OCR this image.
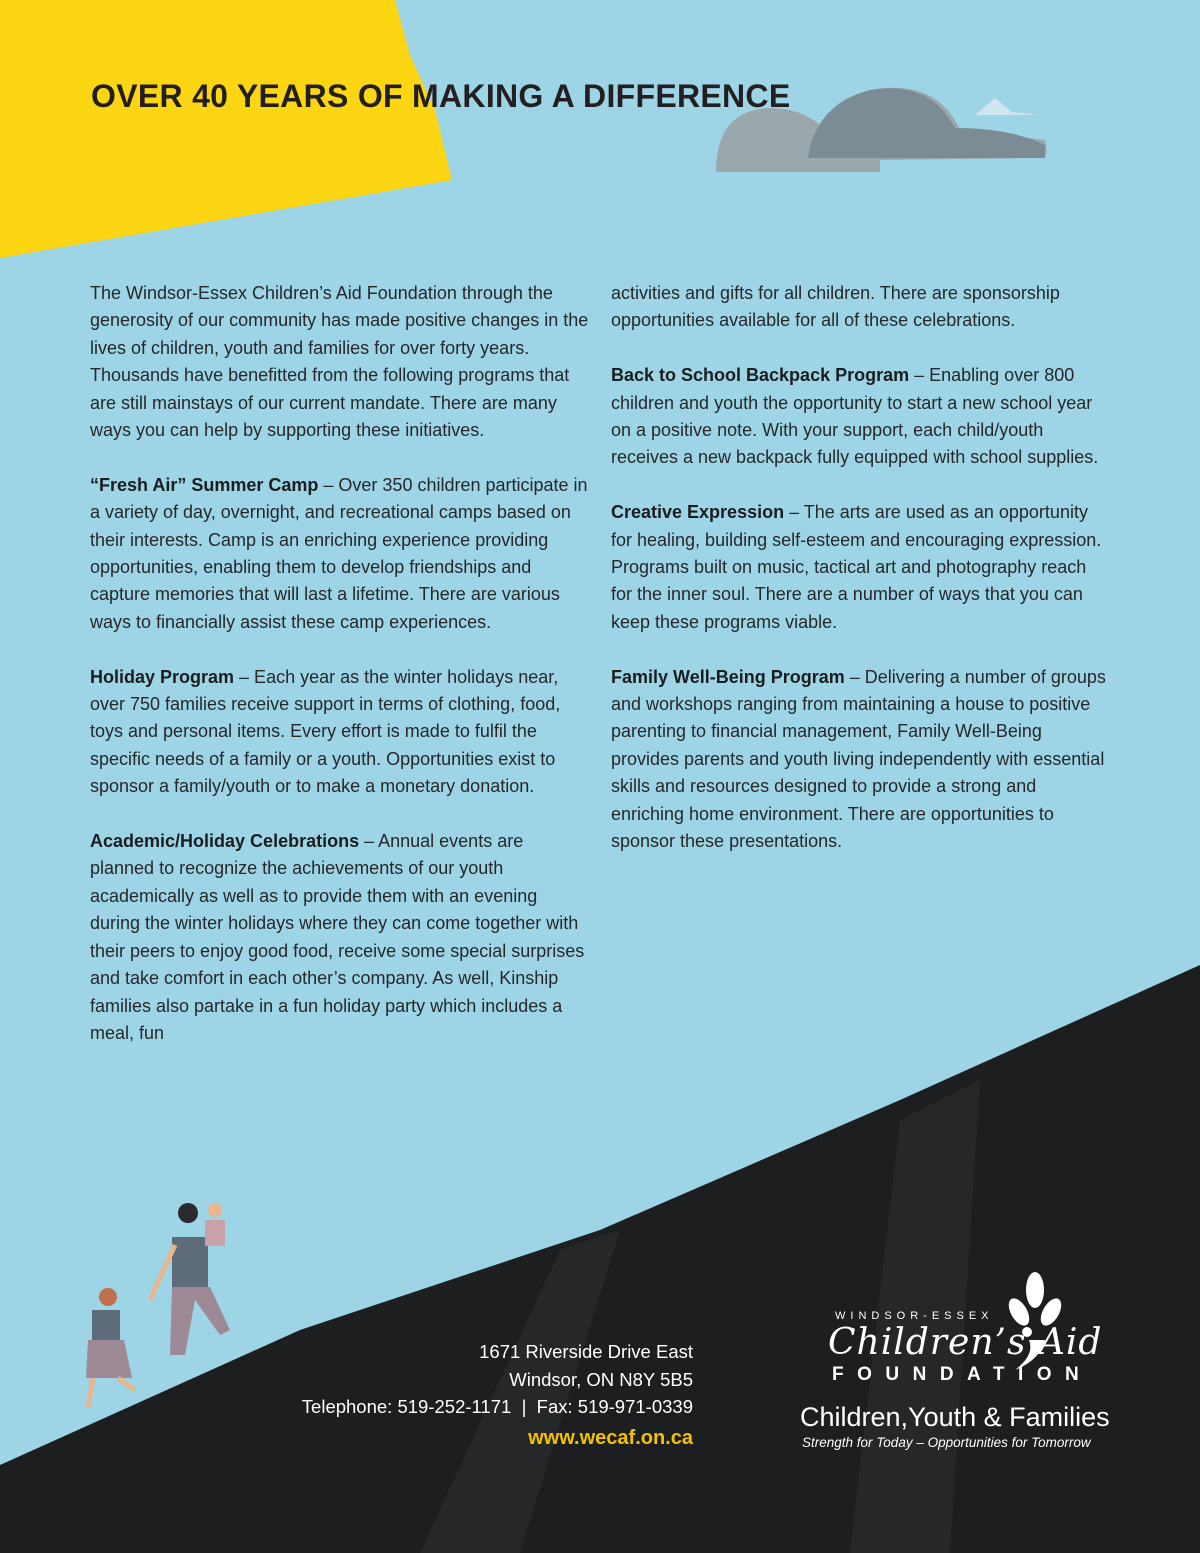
OVER 40 YEARS OF MAKING A DIFFERENCE

The Windsor-Essex Children’s Aid Foundation through the generosity of our community has made positive changes in the lives of children, youth and families for over forty years. Thousands have benefitted from the following programs that are still mainstays of our current mandate. There are many ways you can help by supporting these initiatives.

“Fresh Air” Summer Camp – Over 350 children participate in a variety of day, overnight, and recreational camps based on their interests. Camp is an enriching experience providing opportunities, enabling them to develop friendships and capture memories that will last a lifetime. There are various ways to financially assist these camp experiences.

Holiday Program – Each year as the winter holidays near, over 750 families receive support in terms of clothing, food, toys and personal items. Every effort is made to fulfil the specific needs of a family or a youth. Opportunities exist to sponsor a family/youth or to make a monetary donation.

Academic/Holiday Celebrations – Annual events are planned to recognize the achievements of our youth academically as well as to provide them with an evening during the winter holidays where they can come together with their peers to enjoy good food, receive some special surprises and take comfort in each other’s company. As well, Kinship families also partake in a fun holiday party which includes a meal, fun

activities and gifts for all children. There are sponsorship opportunities available for all of these celebrations.

Back to School Backpack Program – Enabling over 800 children and youth the opportunity to start a new school year on a positive note. With your support, each child/youth receives a new backpack fully equipped with school supplies.

Creative Expression – The arts are used as an opportunity for healing, building self-esteem and encouraging expression. Programs built on music, tactical art and photography reach for the inner soul. There are a number of ways that you can keep these programs viable.

Family Well-Being Program – Delivering a number of groups and workshops ranging from maintaining a house to positive parenting to financial management, Family Well-Being provides parents and youth living independently with essential skills and resources designed to provide a strong and enriching home environment. There are opportunities to sponsor these presentations.

1671 Riverside Drive East
Windsor, ON N8Y 5B5
Telephone: 519-252-1171  |  Fax: 519-971-0339
www.wecaf.on.ca
WINDSOR-ESSEX
Children’s Aid
FOUNDATION
Children,Youth & Families
Strength for Today – Opportunities for Tomorrow
